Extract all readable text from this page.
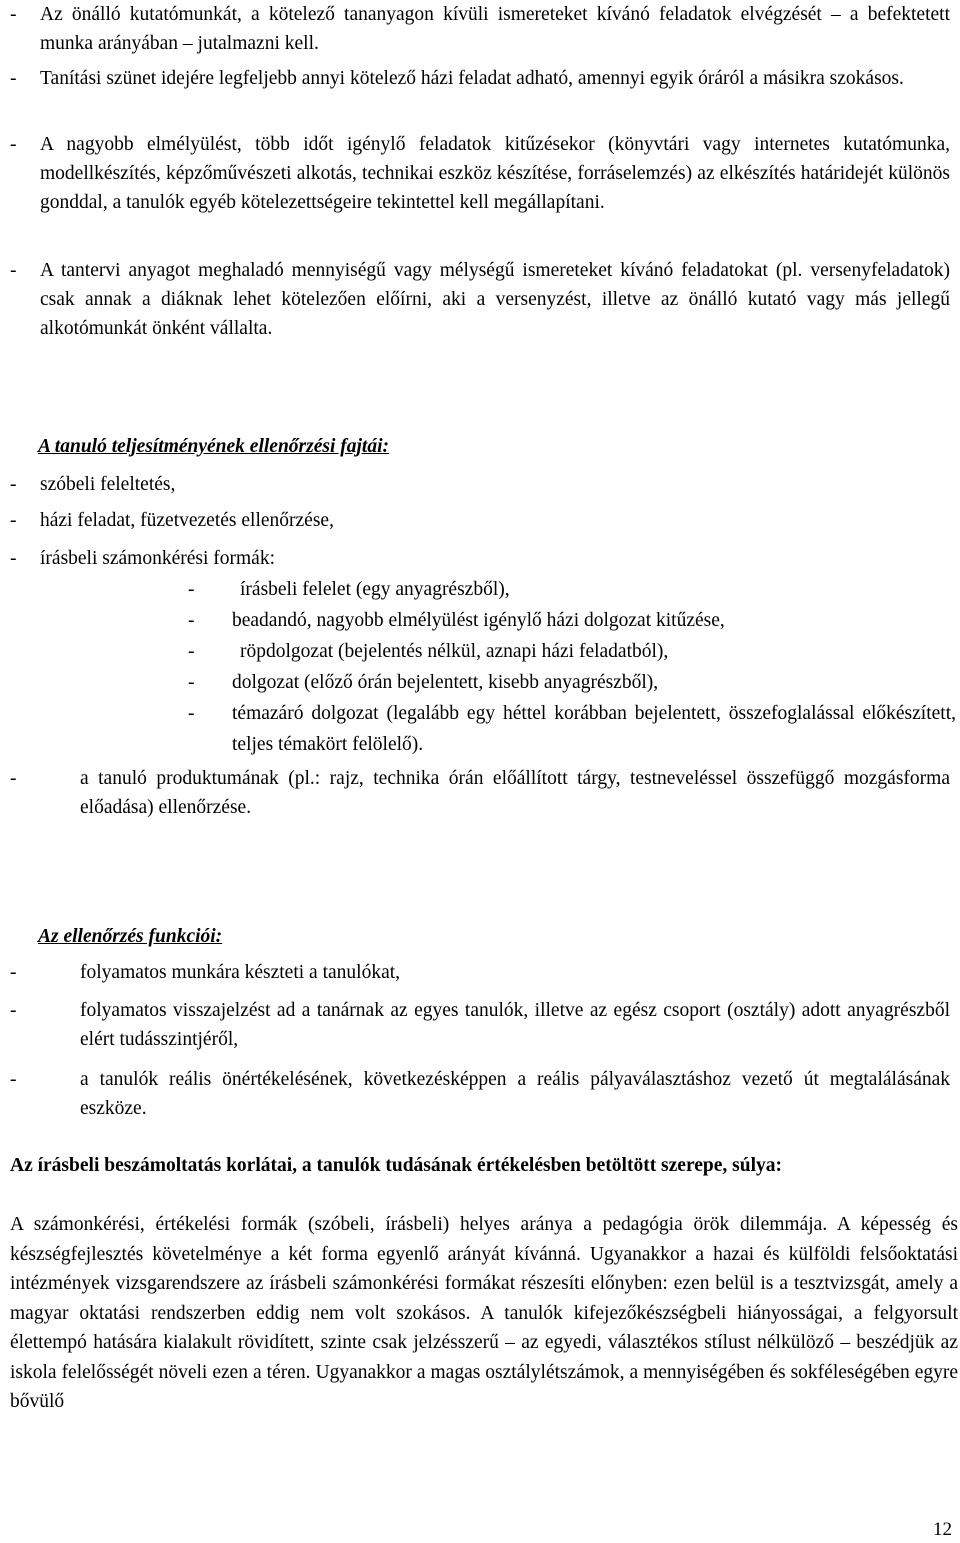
- Az önálló kutatómunkát, a kötelező tananyagon kívüli ismereteket kívánó feladatok elvégzését – a befektetett munka arányában – jutalmazni kell.

- Tanítási szünet idejére legfeljebb annyi kötelező házi feladat adható, amennyi egyik óráról a másikra szokásos.

- A nagyobb elmélyülést, több időt igénylő feladatok kitűzésekor (könyvtári vagy internetes kutatómunka, modellkészítés, képzőművészeti alkotás, technikai eszköz készítése, forráselemzés) az elkészítés határidejét különös gonddal, a tanulók egyéb kötelezettségeire tekintettel kell megállapítani.

- A tantervi anyagot meghaladó mennyiségű vagy mélységű ismereteket kívánó feladatokat (pl. versenyfeladatok) csak annak a diáknak lehet kötelezően előírni, aki a versenyzést, illetve az önálló kutató vagy más jellegű alkotómunkát önként vállalta.

A tanuló teljesítményének ellenőrzési fajtái:
- szóbeli feleltetés,

- házi feladat, füzetvezetés ellenőrzése,

- írásbeli számonkérési formák:

- írásbeli felelet (egy anyagrészből),

- beadandó, nagyobb elmélyülést igénylő házi dolgozat kitűzése,

- röpdolgozat (bejelentés nélkül, aznapi házi feladatból),

- dolgozat (előző órán bejelentett, kisebb anyagrészből),

- témazáró dolgozat (legalább egy héttel korábban bejelentett, összefoglalással előkészített, teljes témakört felölelő).

-	a tanuló produktumának (pl.: rajz, technika órán előállított tárgy, testneveléssel összefüggő mozgásforma előadása) ellenőrzése.

Az ellenőrzés funkciói:
-	folyamatos munkára készteti a tanulókat,

-	folyamatos visszajelzést ad a tanárnak az egyes tanulók, illetve az egész csoport (osztály) adott anyagrészből elért tudásszintjéről,

-	a tanulók reális önértékelésének, következésképpen a reális pályaválasztáshoz vezető út megtalálásának eszköze.

Az írásbeli beszámoltatás korlátai, a tanulók tudásának értékelésben betöltött szerepe, súlya:

A számonkérési, értékelési formák (szóbeli, írásbeli) helyes aránya a pedagógia örök dilemmája. A képesség és készségfejlesztés követelménye a két forma egyenlő arányát kívánná. Ugyanakkor a hazai és külföldi felsőoktatási intézmények vizsgarendszere az írásbeli számonkérési formákat részesíti előnyben: ezen belül is a tesztvizsgát, amely a magyar oktatási rendszerben eddig nem volt szokásos. A tanulók kifejezőkészségbeli hiányosságai, a felgyorsult élettempó hatására kialakult rövidített, szinte csak jelzésszerű – az egyedi, választékos stílust nélkülöző – beszédjük az iskola felelősségét növeli ezen a téren. Ugyanakkor a magas osztálylétszámok, a mennyiségében és sokféleségében egyre bővülő

12
